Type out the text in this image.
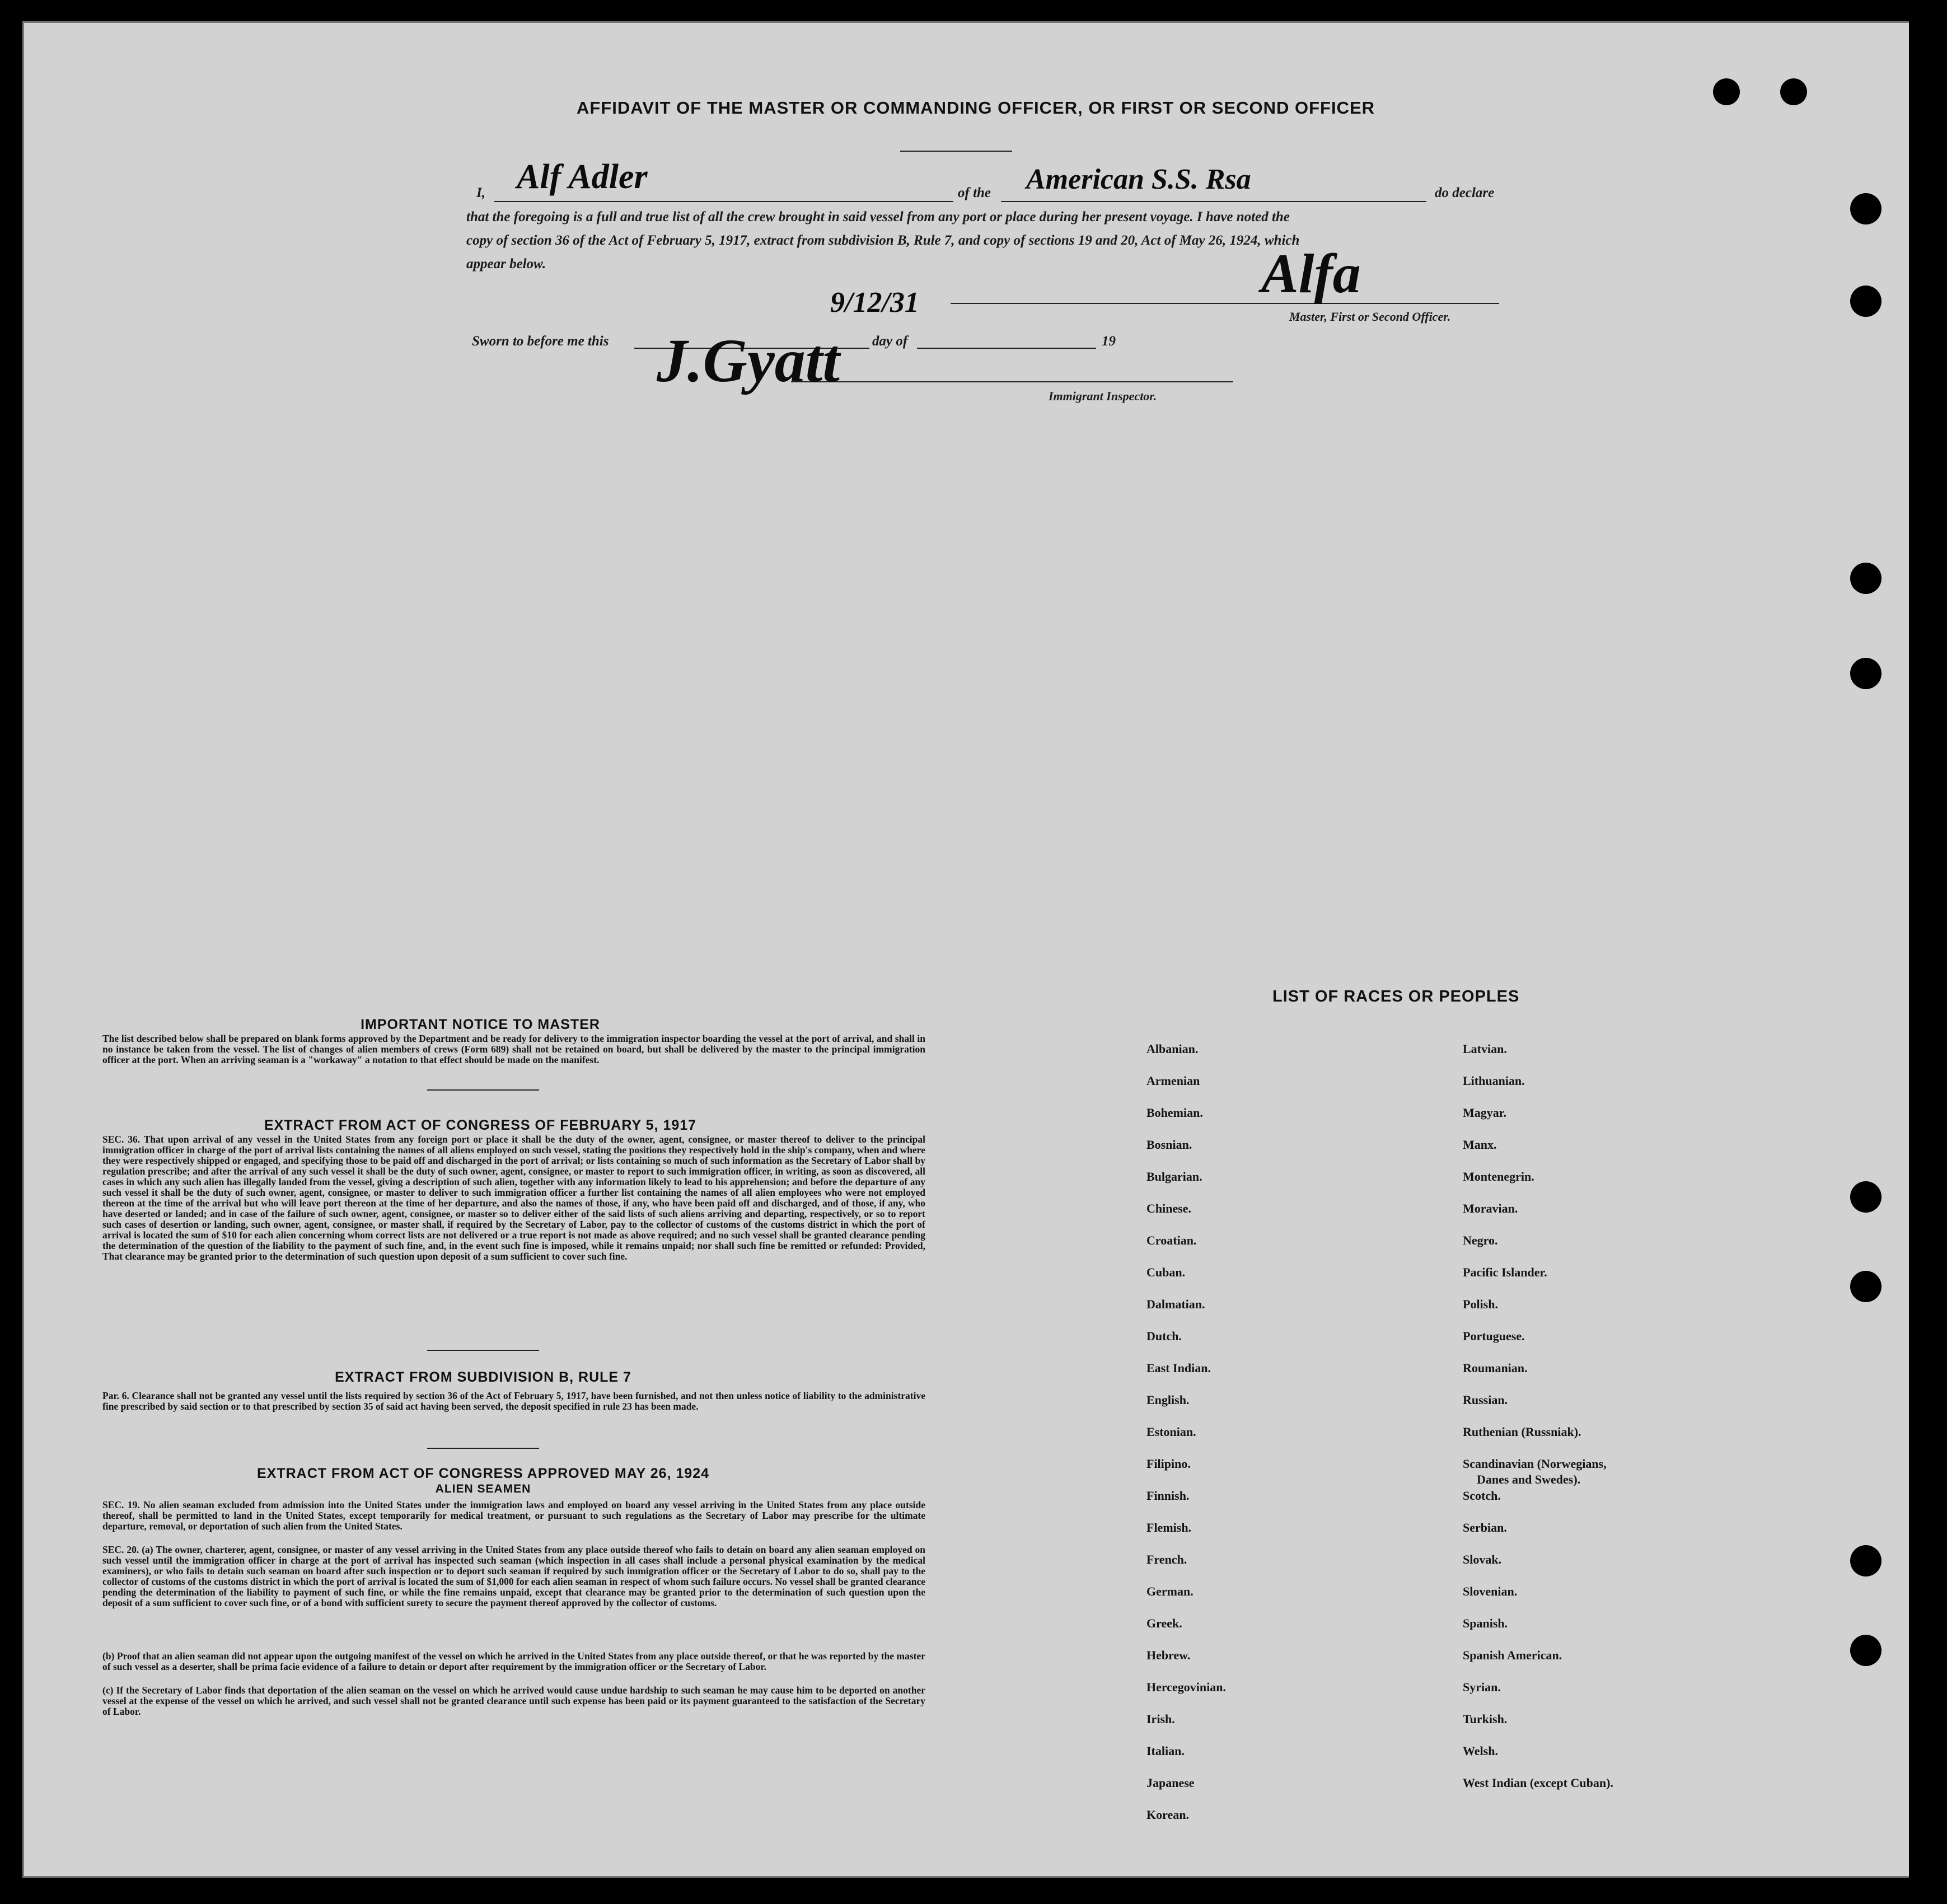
AFFIDAVIT OF THE MASTER OR COMMANDING OFFICER, OR FIRST OR SECOND OFFICER
I, Alf Adler	of the American S.S. Rsa	do declare
that the foregoing is a full and true list of all the crew brought in said vessel from any port or place during her present voyage. I have noted the
copy of section 36 of the Act of February 5, 1917, extract from subdivision B, Rule 7, and copy of sections 19 and 20, Act of May 26, 1924, which
appear below.	Alfa
Master, First or Second Officer.
Sworn to before me this
9/12/31
day of	19
J.Gyatt
Immigrant Inspector.
IMPORTANT NOTICE TO MASTER
The list described below shall be prepared on blank forms approved by the Department and be ready for delivery to the immigration inspector boarding the vessel at the port of arrival, and shall in no instance be taken from the vessel. The list of changes of alien members of crews (Form 689) shall not be retained on board, but shall be delivered by the master to the principal immigration officer at the port. When an arriving seaman is a "workaway" a notation to that effect should be made on the manifest.
EXTRACT FROM ACT OF CONGRESS OF FEBRUARY 5, 1917
SEC. 36. That upon arrival of any vessel in the United States from any foreign port or place it shall be the duty of the owner, agent, consignee, or master thereof to deliver to the principal immigration officer in charge of the port of arrival lists containing the names of all aliens employed on such vessel, stating the positions they respectively hold in the ship's company, when and where they were respectively shipped or engaged, and specifying those to be paid off and discharged in the port of arrival; or lists containing so much of such information as the Secretary of Labor shall by regulation prescribe; and after the arrival of any such vessel it shall be the duty of such owner, agent, consignee, or master to report to such immigration officer, in writing, as soon as discovered, all cases in which any such alien has illegally landed from the vessel, giving a description of such alien, together with any information likely to lead to his apprehension; and before the departure of any such vessel it shall be the duty of such owner, agent, consignee, or master to deliver to such immigration officer a further list containing the names of all alien employees who were not employed thereon at the time of the arrival but who will leave port thereon at the time of her departure, and also the names of those, if any, who have been paid off and discharged, and of those, if any, who have deserted or landed; and in case of the failure of such owner, agent, consignee, or master so to deliver either of the said lists of such aliens arriving and departing, respectively, or so to report such cases of desertion or landing, such owner, agent, consignee, or master shall, if required by the Secretary of Labor, pay to the collector of customs of the customs district in which the port of arrival is located the sum of $10 for each alien concerning whom correct lists are not delivered or a true report is not made as above required; and no such vessel shall be granted clearance pending the determination of the question of the liability to the payment of such fine, and, in the event such fine is imposed, while it remains unpaid; nor shall such fine be remitted or refunded: Provided, That clearance may be granted prior to the determination of such question upon deposit of a sum sufficient to cover such fine.
EXTRACT FROM SUBDIVISION B, RULE 7
Par. 6. Clearance shall not be granted any vessel until the lists required by section 36 of the Act of February 5, 1917, have been furnished, and not then unless notice of liability to the administrative fine prescribed by said section or to that prescribed by section 35 of said act having been served, the deposit specified in rule 23 has been made.
EXTRACT FROM ACT OF CONGRESS APPROVED MAY 26, 1924
ALIEN SEAMEN
SEC. 19. No alien seaman excluded from admission into the United States under the immigration laws and employed on board any vessel arriving in the United States from any place outside thereof, shall be permitted to land in the United States, except temporarily for medical treatment, or pursuant to such regulations as the Secretary of Labor may prescribe for the ultimate departure, removal, or deportation of such alien from the United States.
SEC. 20. (a) The owner, charterer, agent, consignee, or master of any vessel arriving in the United States from any place outside thereof who fails to detain on board any alien seaman employed on such vessel until the immigration officer in charge at the port of arrival has inspected such seaman (which inspection in all cases shall include a personal physical examination by the medical examiners), or who fails to detain such seaman on board after such inspection or to deport such seaman if required by such immigration officer or the Secretary of Labor to do so, shall pay to the collector of customs of the customs district in which the port of arrival is located the sum of $1,000 for each alien seaman in respect of whom such failure occurs. No vessel shall be granted clearance pending the determination of the liability to payment of such fine, or while the fine remains unpaid, except that clearance may be granted prior to the determination of such question upon the deposit of a sum sufficient to cover such fine, or of a bond with sufficient surety to secure the payment thereof approved by the collector of customs.
(b) Proof that an alien seaman did not appear upon the outgoing manifest of the vessel on which he arrived in the United States from any place outside thereof, or that he was reported by the master of such vessel as a deserter, shall be prima facie evidence of a failure to detain or deport after requirement by the immigration officer or the Secretary of Labor.
(c) If the Secretary of Labor finds that deportation of the alien seaman on the vessel on which he arrived would cause undue hardship to such seaman he may cause him to be deported on another vessel at the expense of the vessel on which he arrived, and such vessel shall not be granted clearance until such expense has been paid or its payment guaranteed to the satisfaction of the Secretary of Labor.
LIST OF RACES OR PEOPLES
Albanian.
Armenian
Bohemian.
Bosnian.
Bulgarian.
Chinese.
Croatian.
Cuban.
Dalmatian.
Dutch.
East Indian.
English.
Estonian.
Filipino.
Finnish.
Flemish.
French.
German.
Greek.
Hebrew.
Hercegovinian.
Irish.
Italian.
Japanese
Korean.
Latvian.
Lithuanian.
Magyar.
Manx.
Montenegrin.
Moravian.
Negro.
Pacific Islander.
Polish.
Portuguese.
Roumanian.
Russian.
Ruthenian (Russniak).
Scandinavian (Norwegians,
Danes and Swedes).
Scotch.
Serbian.
Slovak.
Slovenian.
Spanish.
Spanish American.
Syrian.
Turkish.
Welsh.
West Indian (except Cuban).
